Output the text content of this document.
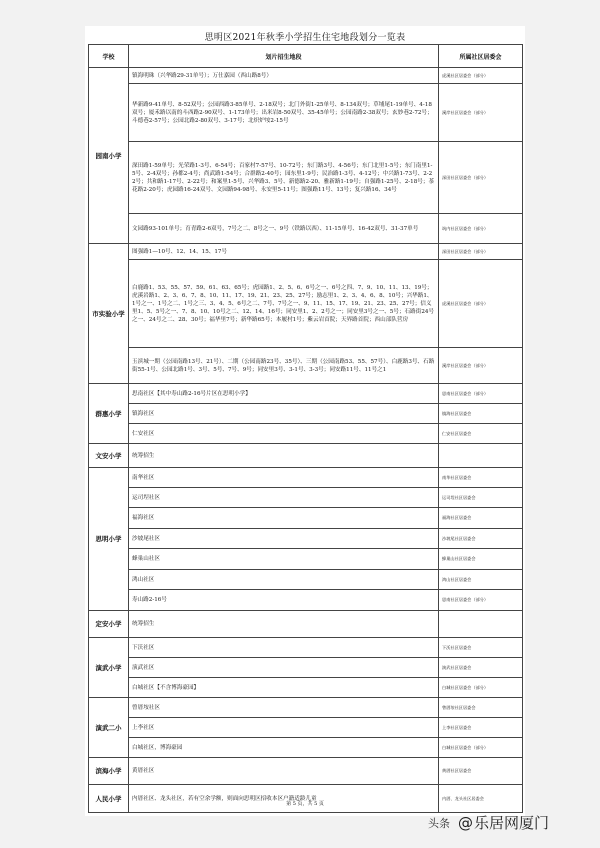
思明区2021年秋季小学招生住宅地段划分一览表
学校	划片招生地段	所属社区居委会
园南小学	镇海明珠（兴华路29-31单号）；万仕嘉园（西山路8号）	虎溪社区居委会（部分）
	华新路9-41单号、8-52双号；公园西路3-85单号、2-18双号；北门外街1-25单号、8-134双号；草埔尾1-19单号、4-18双号；厦禾路以南的斗西路2-90双号、1-173单号；出米岩8-50双号、35-45单号；公园南路2-38双号；玄妙巷2-72号；斗德巷2-57号；公园北路2-80双号、3-17号；北炽炉垵2-15号	溪岸社区居委会（部分）
	深田路1-59单号；光荣路1-3号、6-54号；百家村7-57号、10-72号；东门路3号、4-56号；东门北里1-5号；东门南里1-5号、2-4双号；孙都2-4号；尚武路1-54号；合群路2-40号；园东里1-9号；民治路1-3号、4-12号；中兴路1-73号、2-22号；共和路1-17号、2-22号；和案里1-5号、兴华路3、5号、新德路2-20、雅新路1-19号；自强路1-25号、2-18号；茶花路2-20号；虎园路16-24双号、文园路94-98号、永安里5-11号；图强路11号、13号；复兴路16、34号	深田社区居委会（部分）
	文园路93-101单号；育青路2-6双号，7号之二、8号之一、9号（铁路以西）、11-15单号、16-42双号、31-37单号	筑内社区居委会（部分）
市实验小学	图强路1—10号、12、14、15、17号	深田社区居委会（部分）
	白鹿路1、53、55、57、59、61、63、65号；虎园路1、2、5、6、6号之一、6号之四、7、9、10、11、13、19号；虎溪岩路1、2、3、6、7、8、10、11、17、19、21、23、25、27号；励志里1、2、3、4、6、8、10号；兴华路1、1号之一、1号之二、1号之三、3、4、5、6号之二、7号、7号之一、9、11、15、17、19、21、23、25、27号；信义里1、5、5号之一、7、8、10、10号之二、12、14、16号；同安里1、2、2号之一；同安里3号之一、5号；石路街24号之一、24号之二、28、30号；福华里7号；新华路65号；本履村1号；紫云岩首院；天界路首院；西山部队营房	虎溪社区居委会（部分）
	玉滨城一期（公园南路13号、21号）、二期（公园南路23号、35号）、三期（公园南路53、55、57号）、白鹿路3号、石路街55-1号、公园北路1号、3号、5号、7号、9号；同安里3号、3-1号、3-3号；同安路11号、11号之1	溪岸社区居委会（部分）
群惠小学	思南社区【其中寿山路2-16号片区在思明小学】	思南社区居委会（部分）
	镇海社区	镇海社区居委会
	仁安社区	仁安社区居委会
文安小学	统筹招生	
思明小学	南华社区	南华社区居委会
	运司埕社区	运司埕社区居委会
	福海社区	福海社区居委会
	沙坡尾社区	沙坡尾社区居委会
	蜂巢山社区	蜂巢山社区居委会
	鸿山社区	鸿山社区居委会
	寿山路2-16号	思南社区居委会（部分）
定安小学	统筹招生	
演武小学	下沃社区	下沃社区居委会
	演武社区	演武社区居委会
	白城社区【不含博海豪园】	白城社区居委会（部分）
演武二小	曾厝垵社区	曾厝垵社区居委会
	上李社区	上李社区居委会
	白城社区，博海豪园	白城社区居委会（部分）
滨海小学	黄厝社区	黄厝社区居委会
人民小学	内厝社区、龙头社区，若有空余学额，则面向思明区招收本区户籍适龄儿童	内厝、龙头社区居委会
第 5 页，共 5 页
头条 @ 乐居网厦门
